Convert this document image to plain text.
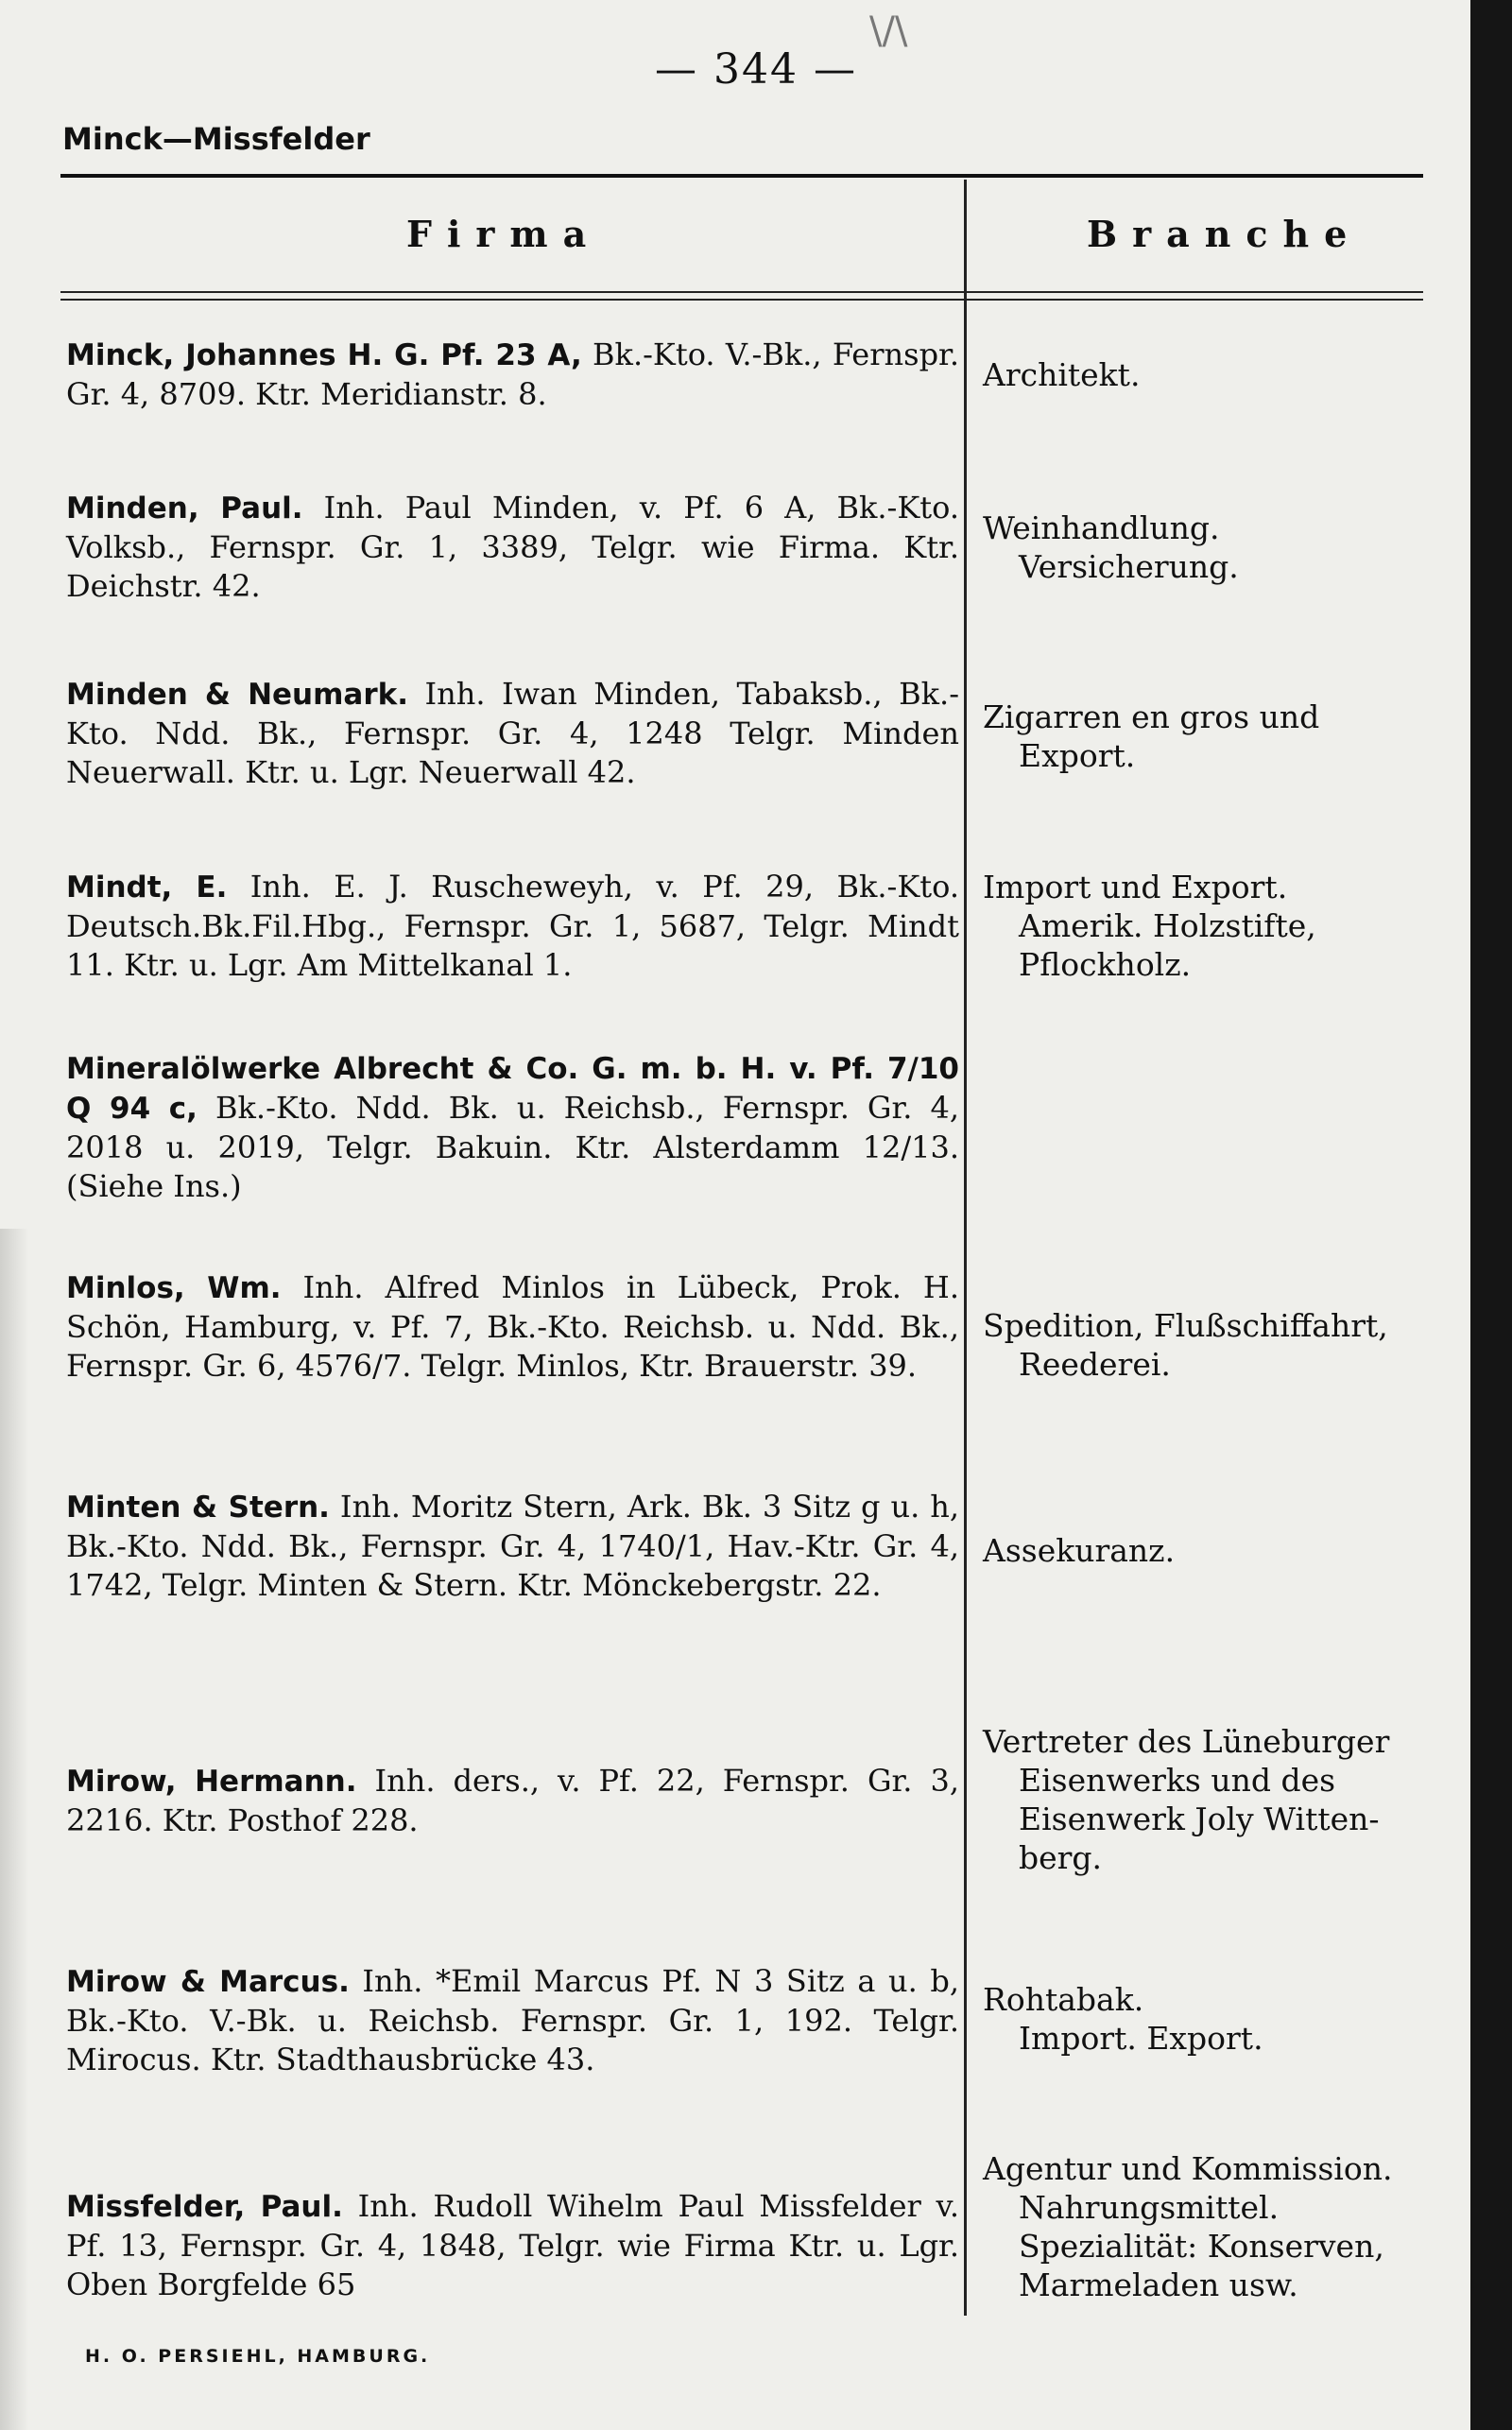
— 344 —
\/\
Minck—Missfelder
Firma	Branche
Minck, Johannes H. G. Pf. 23 A, Bk.-Kto. V.-Bk., Fernspr. Gr. 4, 8709. Ktr. Meridianstr. 8.
Architekt.
Minden, Paul. Inh. Paul Minden, v. Pf. 6 A, Bk.-Kto. Volksb., Fernspr. Gr. 1, 3389, Telgr. wie Firma. Ktr. Deichstr. 42.
Weinhandlung.
Versicherung.
Minden & Neumark. Inh. Iwan Minden, Tabaksb., Bk.-Kto. Ndd. Bk., Fernspr. Gr. 4, 1248 Telgr. Minden Neuerwall. Ktr. u. Lgr. Neuerwall 42.
Zigarren en gros und
Export.
Mindt, E. Inh. E. J. Ruscheweyh, v. Pf. 29, Bk.-Kto. Deutsch.Bk.Fil.Hbg., Fernspr. Gr. 1, 5687, Telgr. Mindt 11. Ktr. u. Lgr. Am Mittelkanal 1.
Import und Export.
Amerik. Holzstifte,
Pflockholz.
Mineralölwerke Albrecht & Co. G. m. b. H. v. Pf. 7/10 Q 94 c, Bk.-Kto. Ndd. Bk. u. Reichsb., Fernspr. Gr. 4, 2018 u. 2019, Telgr. Bakuin. Ktr. Alsterdamm 12/13. (Siehe Ins.)
Minlos, Wm. Inh. Alfred Minlos in Lübeck, Prok. H. Schön, Hamburg, v. Pf. 7, Bk.-Kto. Reichsb. u. Ndd. Bk., Fernspr. Gr. 6, 4576/7. Telgr. Minlos, Ktr. Brauerstr. 39.
Spedition, Flußschiffahrt,
Reederei.
Minten & Stern. Inh. Moritz Stern, Ark. Bk. 3 Sitz g u. h, Bk.-Kto. Ndd. Bk., Fernspr. Gr. 4, 1740/1, Hav.-Ktr. Gr. 4, 1742, Telgr. Minten & Stern. Ktr. Mönckebergstr. 22.
Assekuranz.
Mirow, Hermann. Inh. ders., v. Pf. 22, Fernspr. Gr. 3, 2216. Ktr. Posthof 228.
Vertreter des Lüneburger
Eisenwerks und des
Eisenwerk Joly Witten-
berg.
Mirow & Marcus. Inh. *Emil Marcus Pf. N 3 Sitz a u. b, Bk.-Kto. V.-Bk. u. Reichsb. Fernspr. Gr. 1, 192. Telgr. Mirocus. Ktr. Stadthausbrücke 43.
Rohtabak.
Import. Export.
Missfelder, Paul. Inh. Rudoll Wihelm Paul Missfelder v. Pf. 13, Fernspr. Gr. 4, 1848, Telgr. wie Firma Ktr. u. Lgr. Oben Borgfelde 65
Agentur und Kommission.
Nahrungsmittel.
Spezialität: Konserven,
Marmeladen usw.
H. O. PERSIEHL, HAMBURG.
